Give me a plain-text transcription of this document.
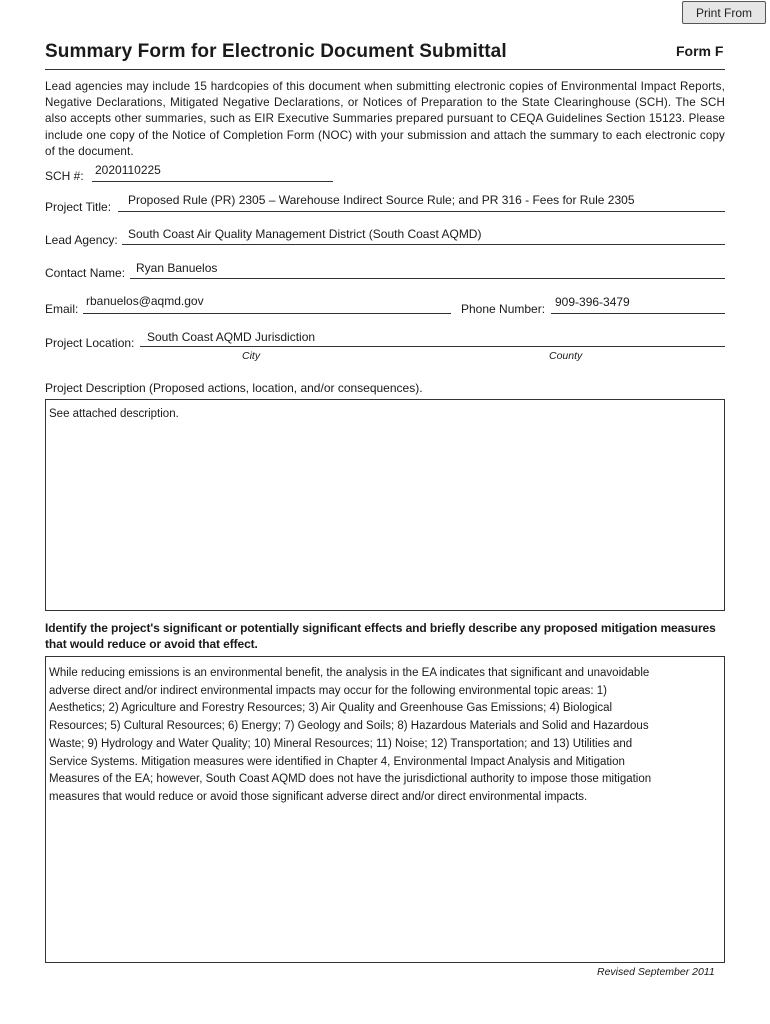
Print From
Summary Form for Electronic Document Submittal	Form F
Lead agencies may include 15 hardcopies of this document when submitting electronic copies of Environmental Impact Reports, Negative Declarations, Mitigated Negative Declarations, or Notices of Preparation to the State Clearinghouse (SCH). The SCH also accepts other summaries, such as EIR Executive Summaries prepared pursuant to CEQA Guidelines Section 15123. Please include one copy of the Notice of Completion Form (NOC) with your submission and attach the summary to each electronic copy of the document.
SCH #: 2020110225
Project Title: Proposed Rule (PR) 2305 – Warehouse Indirect Source Rule; and PR 316 - Fees for Rule 2305
Lead Agency: South Coast Air Quality Management District (South Coast AQMD)
Contact Name: Ryan Banuelos
Email:
rbanuelos@aqmd.gov
Phone Number: 909-396-3479
Project Location: South Coast AQMD Jurisdiction
City	County
Project Description (Proposed actions, location, and/or consequences).
See attached description.
Identify the project's significant or potentially significant effects and briefly describe any proposed mitigation measures that would reduce or avoid that effect.
While reducing emissions is an environmental benefit, the analysis in the EA indicates that significant and unavoidable
adverse direct and/or indirect environmental impacts may occur for the following environmental topic areas: 1)
Aesthetics; 2) Agriculture and Forestry Resources; 3) Air Quality and Greenhouse Gas Emissions; 4) Biological
Resources; 5) Cultural Resources; 6) Energy; 7) Geology and Soils; 8) Hazardous Materials and Solid and Hazardous
Waste; 9) Hydrology and Water Quality; 10) Mineral Resources; 11) Noise; 12) Transportation; and 13) Utilities and
Service Systems. Mitigation measures were identified in Chapter 4, Environmental Impact Analysis and Mitigation
Measures of the EA; however, South Coast AQMD does not have the jurisdictional authority to impose those mitigation
measures that would reduce or avoid those significant adverse direct and/or direct environmental impacts.
Revised September 2011
